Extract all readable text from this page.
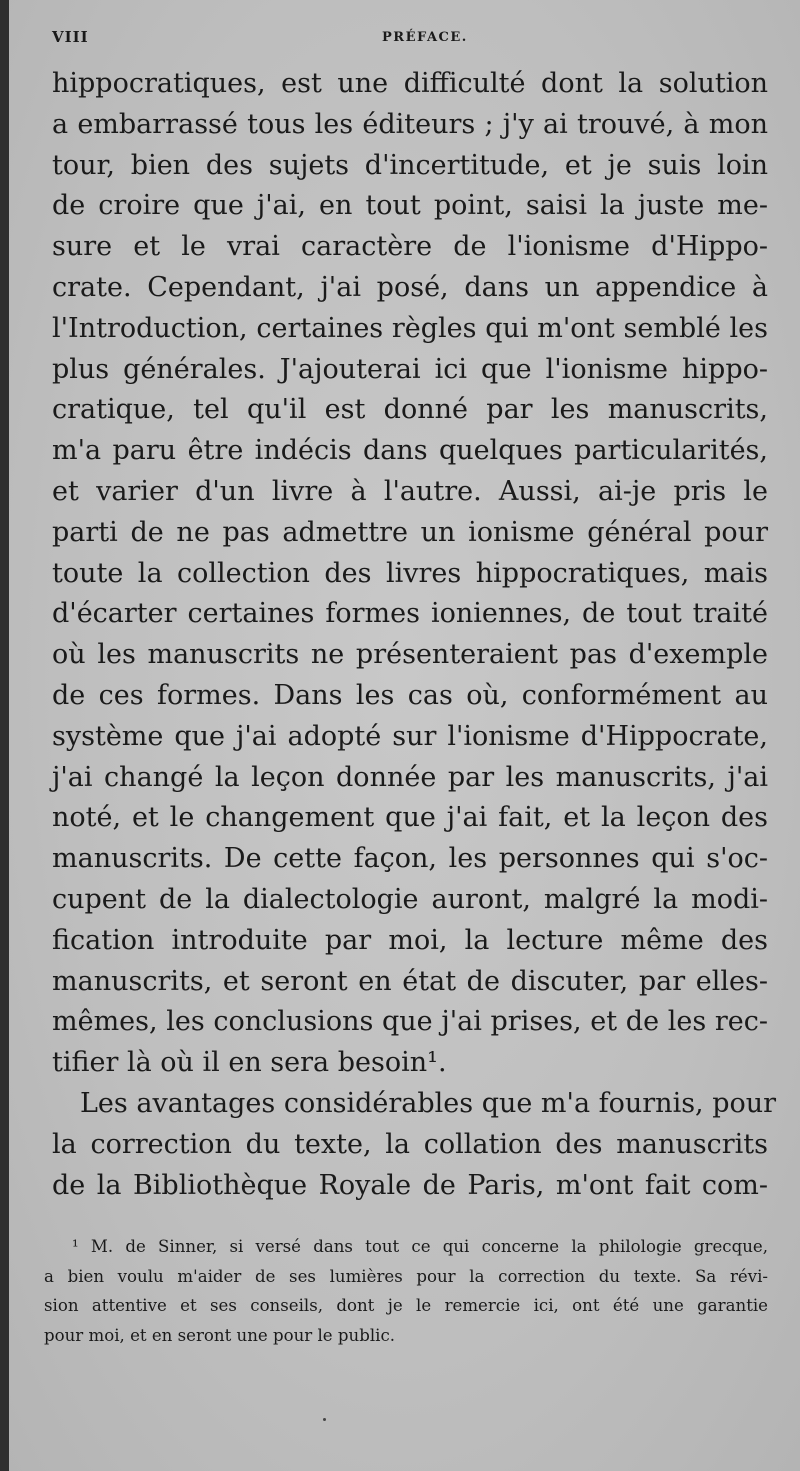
VIII	PRÉFACE.
hippocratiques, est une difficulté dont la solution
a embarrassé tous les éditeurs ; j'y ai trouvé, à mon
tour, bien des sujets d'incertitude, et je suis loin
de croire que j'ai, en tout point, saisi la juste me-
sure et le vrai caractère de l'ionisme d'Hippo-
crate. Cependant, j'ai posé, dans un appendice à
l'Introduction, certaines règles qui m'ont semblé les
plus générales. J'ajouterai ici que l'ionisme hippo-
cratique, tel qu'il est donné par les manuscrits,
m'a paru être indécis dans quelques particularités,
et varier d'un livre à l'autre. Aussi, ai-je pris le
parti de ne pas admettre un ionisme général pour
toute la collection des livres hippocratiques, mais
d'écarter certaines formes ioniennes, de tout traité
où les manuscrits ne présenteraient pas d'exemple
de ces formes. Dans les cas où, conformément au
système que j'ai adopté sur l'ionisme d'Hippocrate,
j'ai changé la leçon donnée par les manuscrits, j'ai
noté, et le changement que j'ai fait, et la leçon des
manuscrits. De cette façon, les personnes qui s'oc-
cupent de la dialectologie auront, malgré la modi-
fication introduite par moi, la lecture même des
manuscrits, et seront en état de discuter, par elles-
mêmes, les conclusions que j'ai prises, et de les rec-
tifier là où il en sera besoin¹.
Les avantages considérables que m'a fournis, pour
la correction du texte, la collation des manuscrits
de la Bibliothèque Royale de Paris, m'ont fait com-
¹ M. de Sinner, si versé dans tout ce qui concerne la philologie grecque,
a bien voulu m'aider de ses lumières pour la correction du texte. Sa révi-
sion attentive et ses conseils, dont je le remercie ici, ont été une garantie
pour moi, et en seront une pour le public.
